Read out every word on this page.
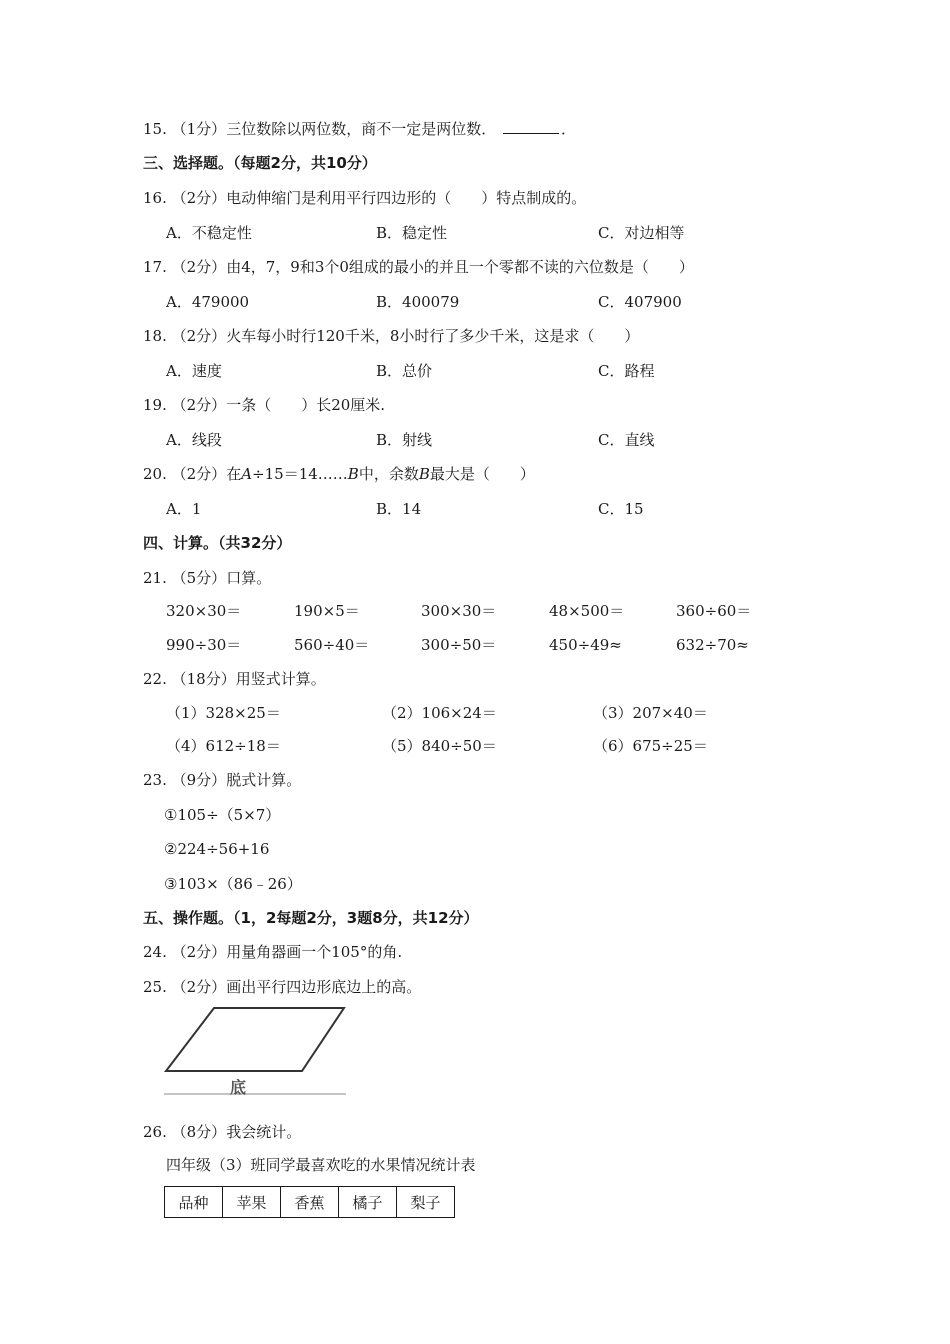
15. （1分）三位数除以两位数，商不一定是两位数．	．
三、选择题。（每题2分，共10分）
16. （2分）电动伸缩门是利用平行四边形的（　　）特点制成的。
A．不稳定性	B．稳定性	C．对边相等
17. （2分）由4，7，9和3个0组成的最小的并且一个零都不读的六位数是（　　）
A．479000	B．400079	C．407900
18. （2分）火车每小时行120千米，8小时行了多少千米，这是求（　　）
A．速度	B．总价	C．路程
19. （2分）一条（　　）长20厘米.
A．线段	B．射线	C．直线
20. （2分）在A÷15＝14……B中，余数B最大是（　　）
A．1	B．14	C．15
四、计算。（共32分）
21. （5分）口算。
320×30＝	190×5＝	300×30＝	48×500＝	360÷60＝
990÷30＝	560÷40＝	300÷50＝	450÷49≈	632÷70≈
22. （18分）用竖式计算。
（1）328×25＝	（2）106×24＝	（3）207×40＝
（4）612÷18＝	（5）840÷50＝	（6）675÷25＝
23. （9分）脱式计算。
①105÷（5×7）
②224÷56+16
③103×（86﹣26）
五、操作题。（1，2每题2分，3题8分，共12分）
24. （2分）用量角器画一个105°的角.
25. （2分）画出平行四边形底边上的高。
底
26. （8分）我会统计。
四年级（3）班同学最喜欢吃的水果情况统计表
品种	苹果	香蕉	橘子	梨子
